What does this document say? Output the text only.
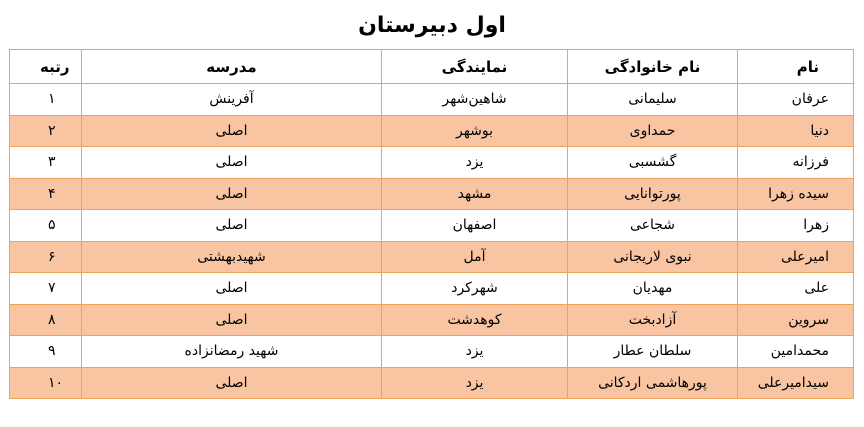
اول دبیرستان
نام	نام خانوادگی	نمایندگی	مدرسه	رتبه
عرفان	سلیمانی	شاهین‌شهر	آفرینش	۱
دنیا	حمداوی	بوشهر	اصلی	۲
فرزانه	گشسبی	یزد	اصلی	۳
سیده زهرا	پورتوانایی	مشهد	اصلی	۴
زهرا	شجاعی	اصفهان	اصلی	۵
امیرعلی	نبوی لاریجانی	آمل	شهیدبهشتی	۶
علی	مهدیان	شهرکرد	اصلی	۷
سروین	آزادبخت	کوهدشت	اصلی	۸
محمدامین	سلطان عطار	یزد	شهید رمضانزاده	۹
سیدامیرعلی	پورهاشمی اردکانی	یزد	اصلی	۱۰
